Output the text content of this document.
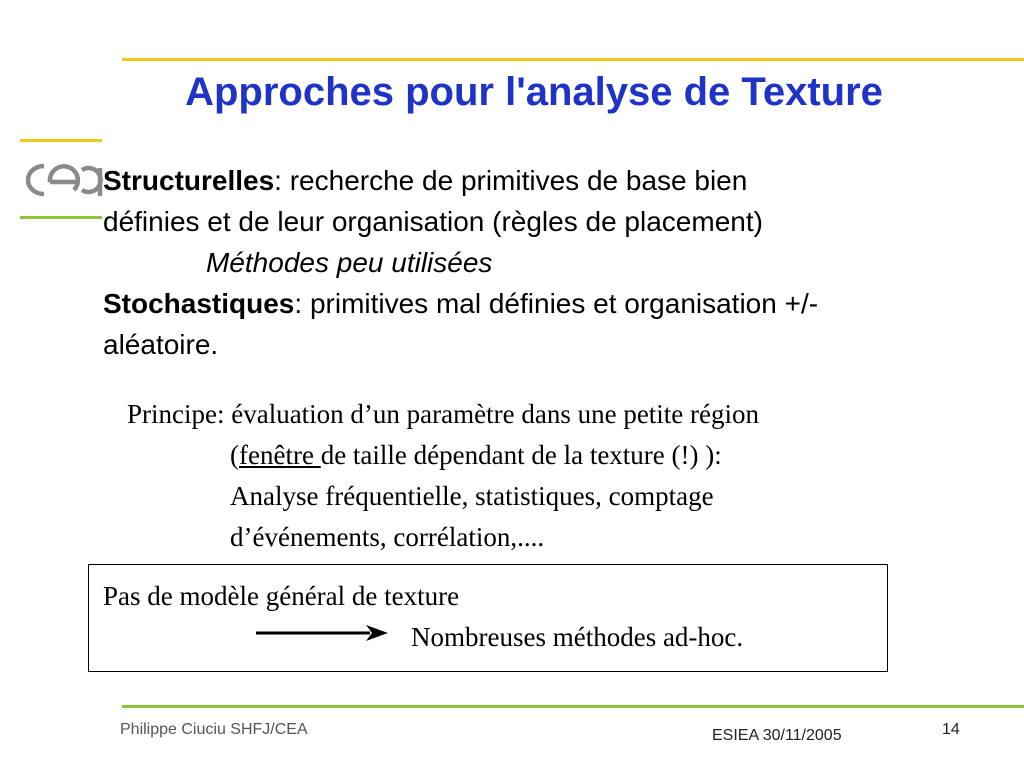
Approches pour l'analyse de Texture

Structurelles: recherche de primitives de base bien

définies et de leur organisation (règles de placement)

Méthodes peu utilisées

Stochastiques: primitives mal définies et organisation +/-

aléatoire.

Principe: évaluation d’un paramètre dans une petite région

(fenêtre de taille dépendant de la texture (!) ):

Analyse fréquentielle, statistiques, comptage

d’événements, corrélation,....

Pas de modèle général de texture

Nombreuses méthodes ad-hoc.

Philippe Ciuciu SHFJ/CEA	ESIEA 30/11/2005	14
